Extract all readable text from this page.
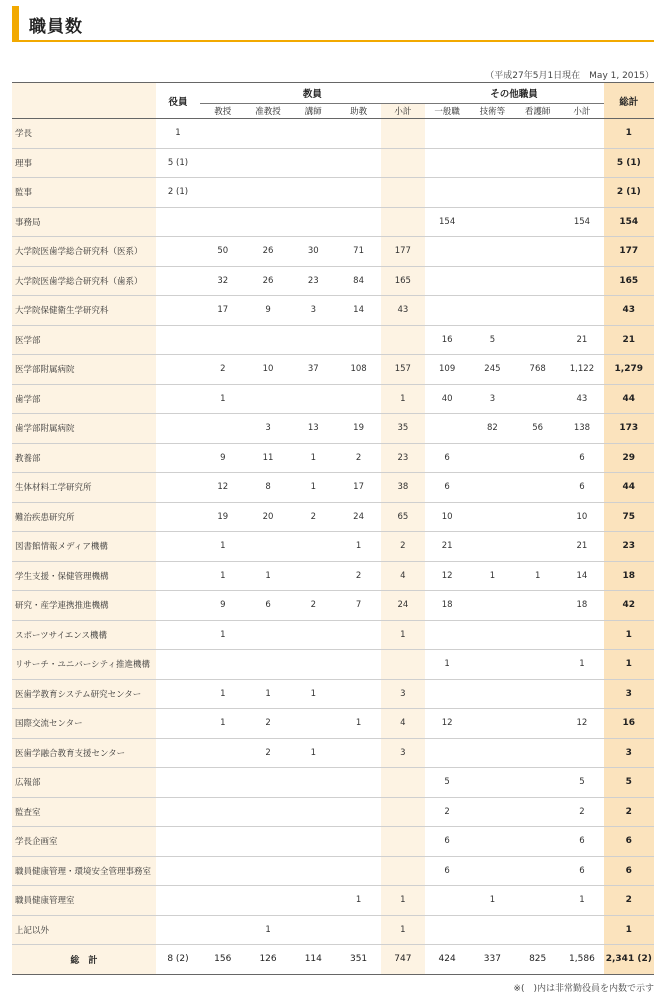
職員数
（平成27年5月1日現在　May 1, 2015）
	役員	教員					その他職員				総計
		教授	准教授	講師	助教	小計	一般職	技術等	看護師	小計	
学長	1										1
理事	5 (1)										5 (1)
監事	2 (1)										2 (1)
事務局							154			154	154
大学院医歯学総合研究科（医系）		50	26	30	71	177					177
大学院医歯学総合研究科（歯系）		32	26	23	84	165					165
大学院保健衛生学研究科		17	9	3	14	43					43
医学部							16	5		21	21
医学部附属病院		2	10	37	108	157	109	245	768	1,122	1,279
歯学部		1				1	40	3		43	44
歯学部附属病院			3	13	19	35		82	56	138	173
教養部		9	11	1	2	23	6			6	29
生体材料工学研究所		12	8	1	17	38	6			6	44
難治疾患研究所		19	20	2	24	65	10			10	75
図書館情報メディア機構		1			1	2	21			21	23
学生支援・保健管理機構		1	1		2	4	12	1	1	14	18
研究・産学連携推進機構		9	6	2	7	24	18			18	42
スポーツサイエンス機構		1				1					1
リサーチ・ユニバーシティ推進機構							1			1	1
医歯学教育システム研究センター		1	1	1		3					3
国際交流センター		1	2		1	4	12			12	16
医歯学融合教育支援センター			2	1		3					3
広報部							5			5	5
監査室							2			2	2
学長企画室							6			6	6
職員健康管理・環境安全管理事務室							6			6	6
職員健康管理室					1	1		1		1	2
上記以外			1			1					1
総　計	8 (2)	156	126	114	351	747	424	337	825	1,586	2,341 (2)
※(　)内は非常勤役員を内数で示す
